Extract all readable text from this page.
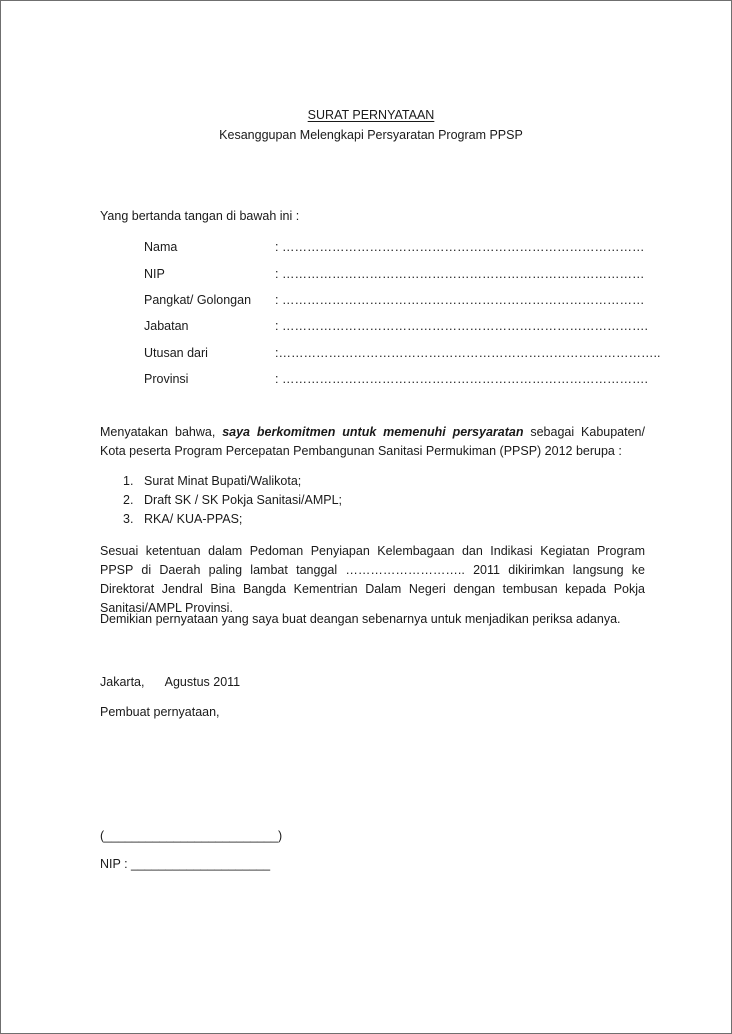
SURAT PERNYATAAN
Kesanggupan Melengkapi Persyaratan Program PPSP
Yang bertanda tangan di bawah ini :
Nama	: ……………………………………………………………………………
NIP	: ……………………………………………………………………………
Pangkat/ Golongan : ……………………………………………………………………………
Jabatan	: …………………………………………………………………………….
Utusan dari	:………………………………………………………………………………..
Provinsi	: …………………………………………………………………………….
Menyatakan bahwa, saya berkomitmen untuk memenuhi persyaratan sebagai Kabupaten/ Kota peserta Program Percepatan Pembangunan Sanitasi Permukiman (PPSP) 2012 berupa :
1. Surat Minat Bupati/Walikota;
2. Draft SK / SK Pokja Sanitasi/AMPL;
3. RKA/ KUA-PPAS;
Sesuai ketentuan dalam Pedoman Penyiapan Kelembagaan dan Indikasi Kegiatan Program PPSP di Daerah paling lambat tanggal ……………………….. 2011 dikirimkan langsung ke Direktorat Jendral Bina Bangda Kementrian Dalam Negeri dengan tembusan kepada Pokja Sanitasi/AMPL Provinsi.
Demikian pernyataan yang saya buat deangan sebenarnya untuk menjadikan periksa adanya.
Jakarta,      Agustus 2011
Pembuat pernyataan,
(_________________________)
NIP : ____________________
